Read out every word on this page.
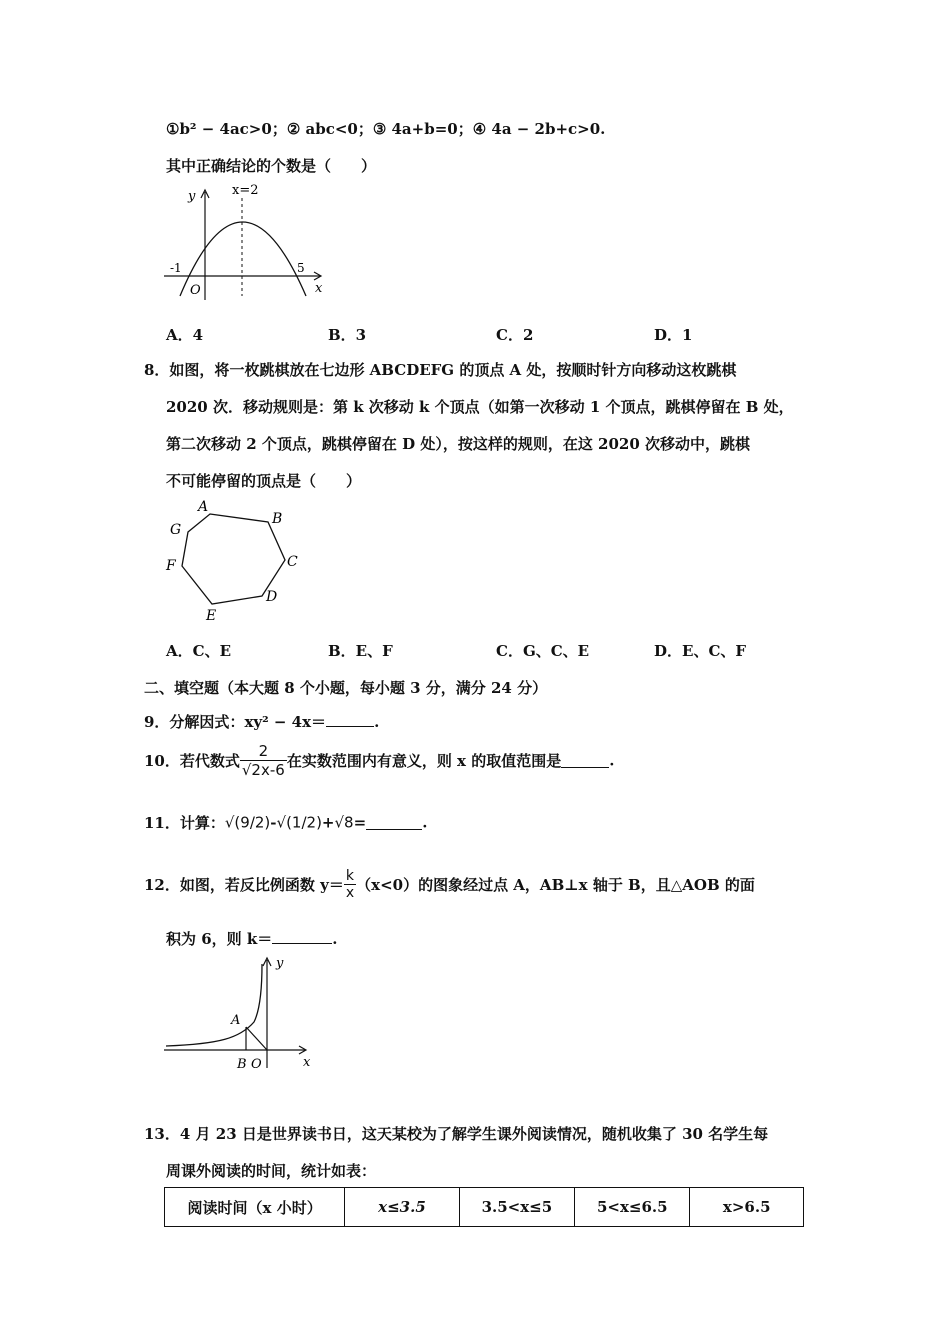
①b² − 4ac>0；② abc<0；③ 4a+b=0；④ 4a − 2b+c>0.
其中正确结论的个数是（　　）
y
x
x=2
-1	5
O
A．4	B．3	C．2	D．1
8．如图，将一枚跳棋放在七边形 ABCDEFG 的顶点 A 处，按顺时针方向移动这枚跳棋
2020 次．移动规则是：第 k 次移动 k 个顶点（如第一次移动 1 个顶点，跳棋停留在 B 处，
第二次移动 2 个顶点，跳棋停留在 D 处），按这样的规则，在这 2020 次移动中，跳棋
不可能停留的顶点是（　　）
A
B
C
D
E
F
G
A．C、E	B．E、F	C．G、C、E	D．E、C、F
二、填空题（本大题 8 个小题，每小题 3 分，满分 24 分）
9．分解因式：xy² − 4x＝	.
10．若代数式 $\frac{2}{√2x-6}$ 在实数范围内有意义，则 x 的取值范围是	.
11．计算：√(9/2)-√(1/2)+√8=	.
12．如图，若反比例函数 $y= \frac{k}{x} (x<0)$的图象经过点 A，AB⊥x 轴于 B，且△AOB 的面
积为 6，则 k＝	.
A
B O
y
x
13．4 月 23 日是世界读书日，这天某校为了解学生课外阅读情况，随机收集了 30 名学生每
周课外阅读的时间，统计如表：
阅读时间（x 小时）	x≤3.5	3.5<x≤5	5<x≤6.5	x>6.5
